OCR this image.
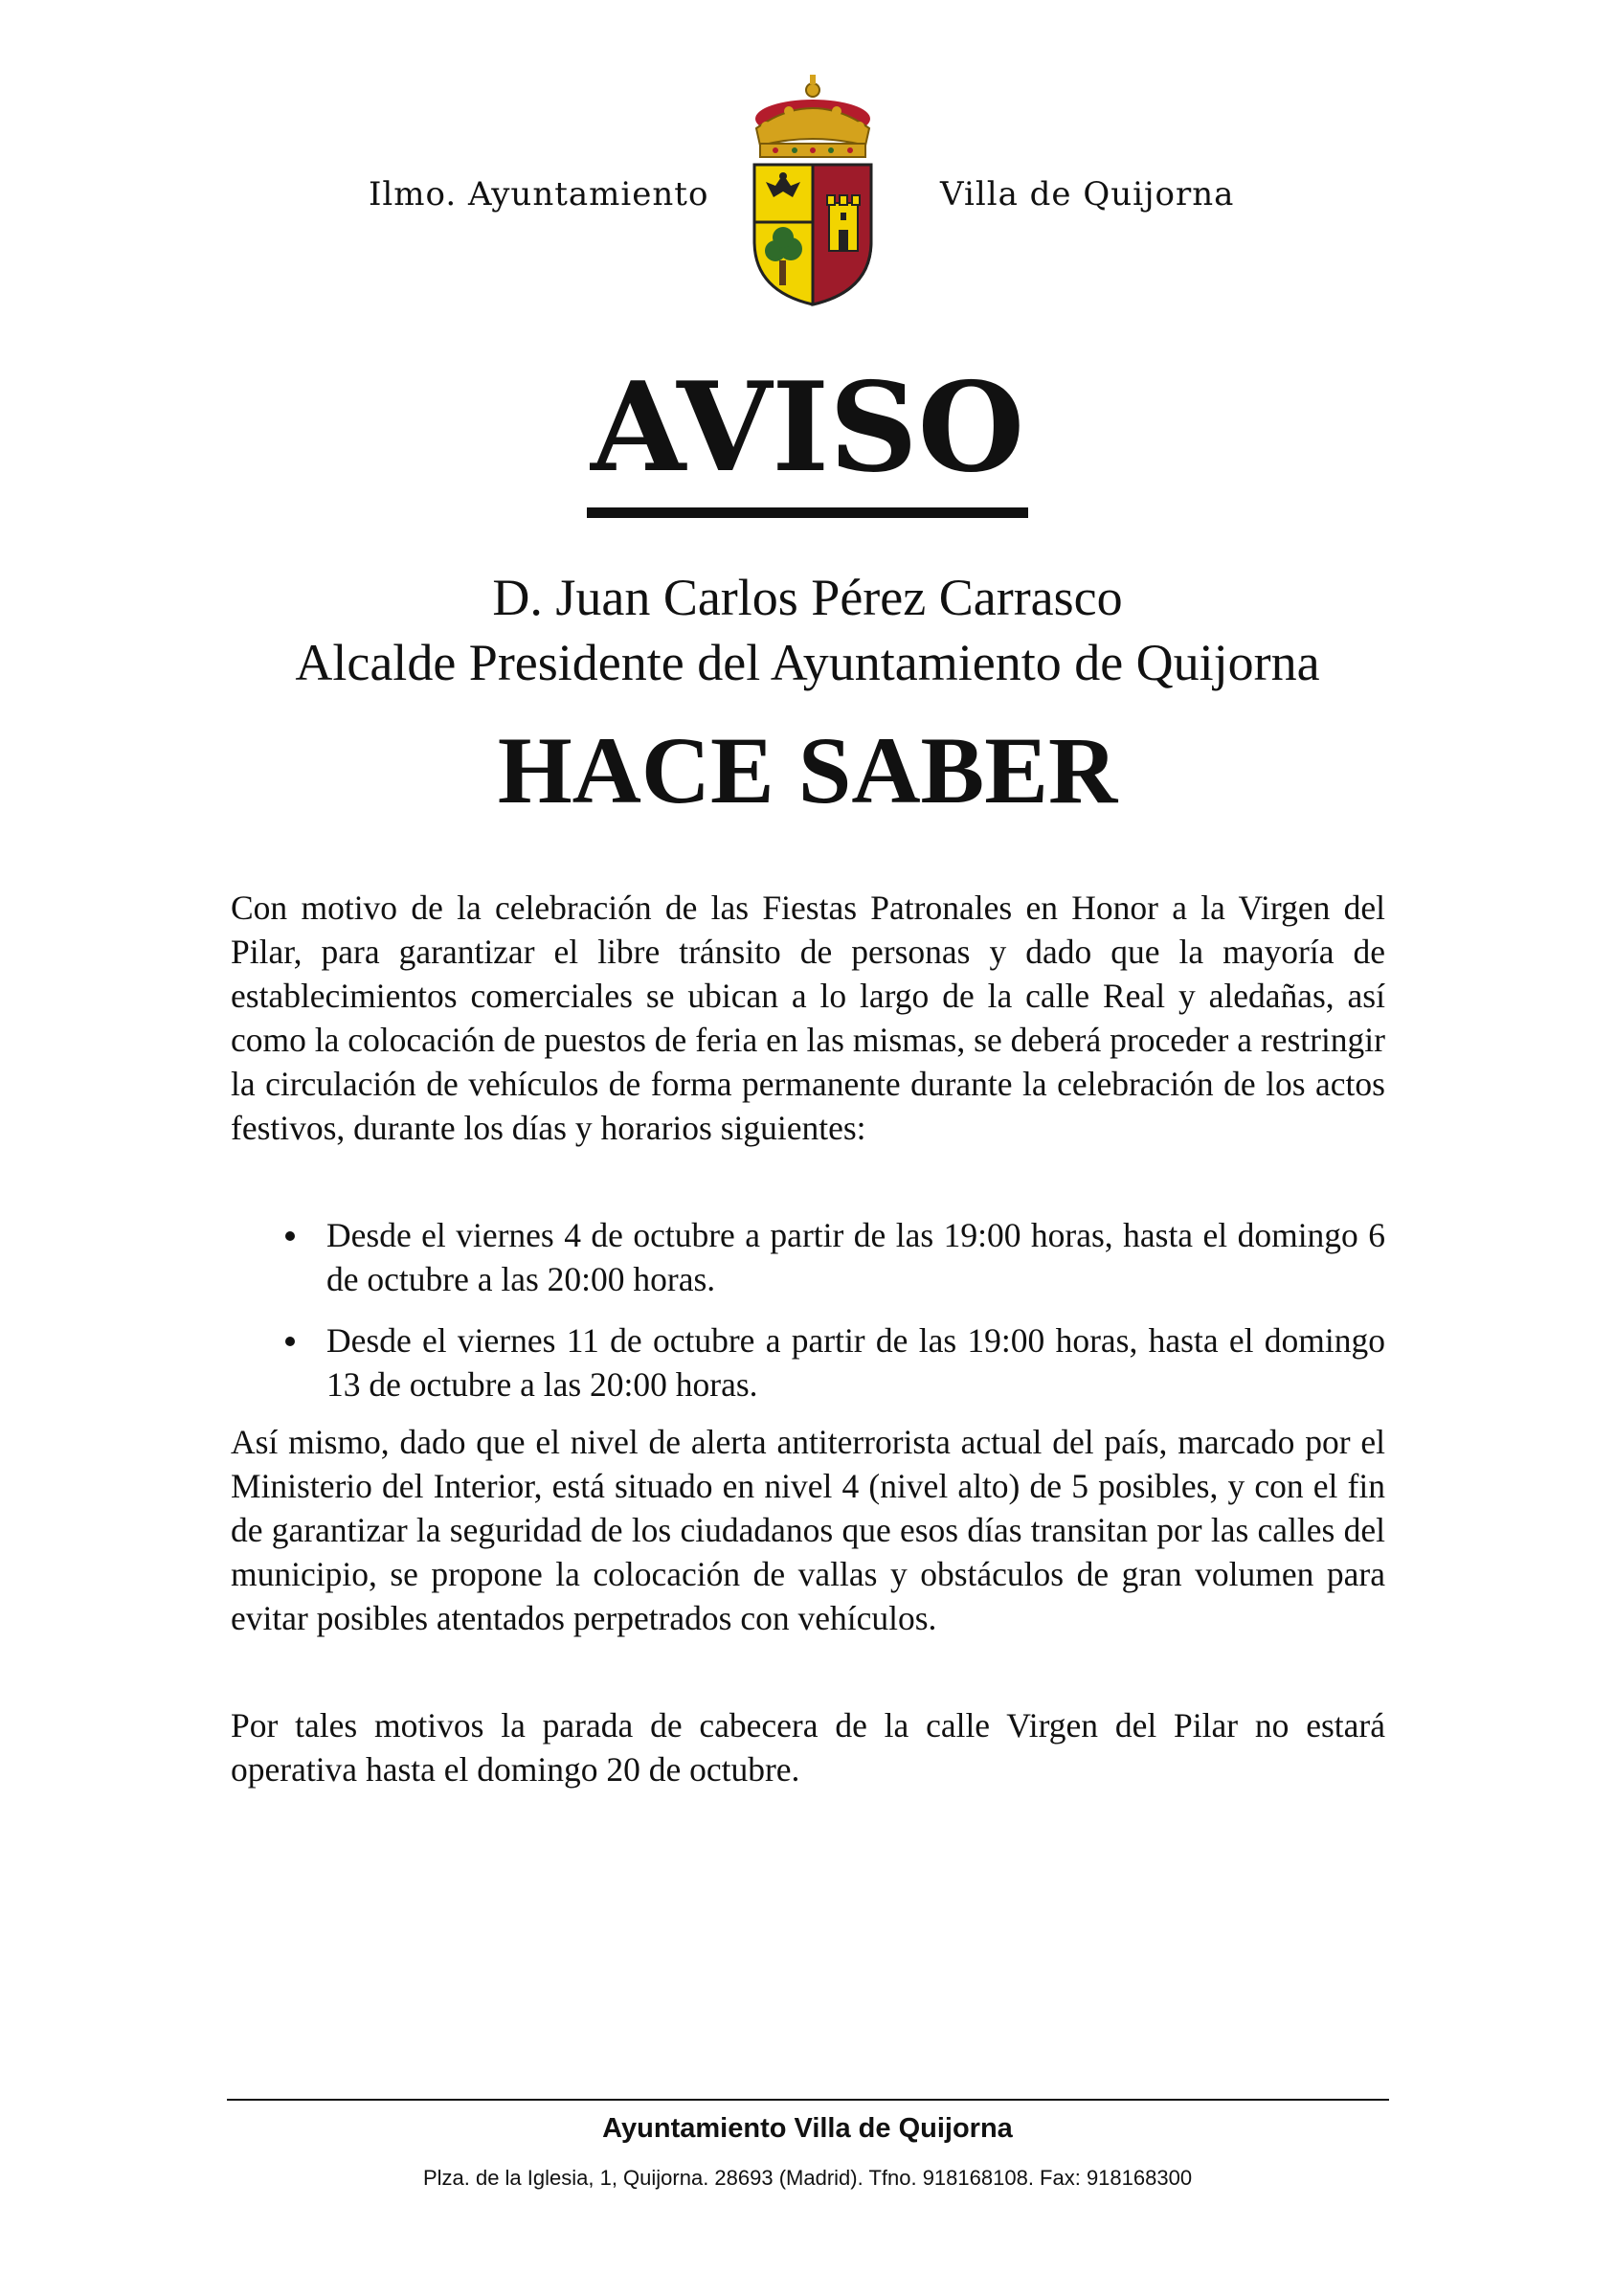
Ilmo. Ayuntamiento	Villa de Quijorna
AVISO
D. Juan Carlos Pérez Carrasco
Alcalde Presidente del Ayuntamiento de Quijorna
HACE SABER
Con motivo de la celebración de las Fiestas Patronales en Honor a la Virgen del Pilar, para garantizar el libre tránsito de personas y dado que la mayoría de establecimientos comerciales se ubican a lo largo de la calle Real y aledañas, así como la colocación de puestos de feria en las mismas, se deberá proceder a restringir la circulación de vehículos de forma permanente durante la celebración de los actos festivos, durante los días y horarios siguientes:
Desde el viernes 4 de octubre a partir de las 19:00 horas, hasta el domingo 6 de octubre a las 20:00 horas.
Desde el viernes 11 de octubre a partir de las 19:00 horas, hasta el domingo 13 de octubre a las 20:00 horas.
Así mismo, dado que el nivel de alerta antiterrorista actual del país, marcado por el Ministerio del Interior, está situado en nivel 4 (nivel alto) de 5 posibles, y con el fin de garantizar la seguridad de los ciudadanos que esos días transitan por las calles del municipio, se propone la colocación de vallas y obstáculos de gran volumen para evitar posibles atentados perpetrados con vehículos.
Por tales motivos la parada de cabecera de la calle Virgen del Pilar no estará operativa hasta el domingo 20 de octubre.
Ayuntamiento Villa de Quijorna
Plza. de la Iglesia, 1, Quijorna. 28693 (Madrid). Tfno. 918168108. Fax: 918168300
